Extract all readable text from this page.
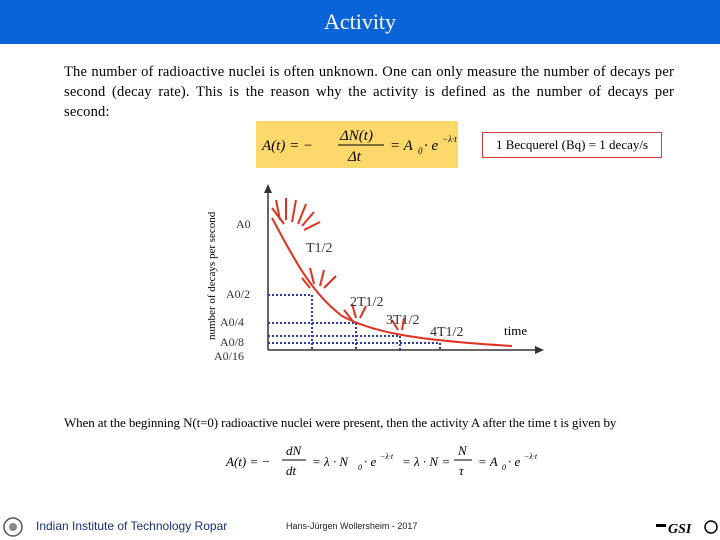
Activity
The number of radioactive nuclei is often unknown. One can only measure the number of decays per second (decay rate). This is the reason why the activity is defined as the number of decays per second:
A(t) = −
ΔN(t)
Δt
= A 0 · e −λ·t	1 Becquerel (Bq) = 1 decay/s
number of decays per second A0
A0/2
A0/4
A0/8
A0/16
T1/2
2T1/2
3T1/2
4T1/2	time
When at the beginning N(t=0) radioactive nuclei were present, then the activity A after the time t is given by
A(t) = −
dN
dt
= λ · N 0 · e −λ·t = λ · N =
N
τ
= A 0 · e −λ·t
Indian Institute of Technology Ropar	Hans-Jürgen Wollersheim - 2017	GSI
